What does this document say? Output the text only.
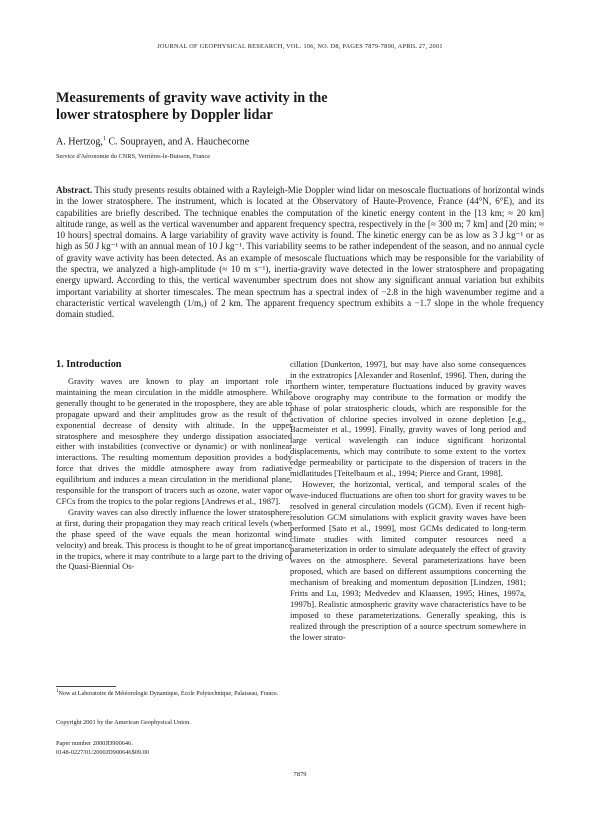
JOURNAL OF GEOPHYSICAL RESEARCH, VOL. 106, NO. D8, PAGES 7879-7890, APRIL 27, 2001
Measurements of gravity wave activity in the
lower stratosphere by Doppler lidar
A. Hertzog,$^1$ C. Souprayen, and A. Hauchecorne
Service d'Aéronomie du CNRS, Verrières-le-Buisson, France
Abstract. This study presents results obtained with a Rayleigh-Mie Doppler wind lidar on mesoscale fluctuations of horizontal winds in the lower stratosphere. The instrument, which is located at the Observatory of Haute-Provence, France (44°N, 6°E), and its capabilities are briefly described. The technique enables the computation of the kinetic energy content in the [13 km; ≈ 20 km] altitude range, as well as the vertical wavenumber and apparent frequency spectra, respectively in the [≈ 300 m; 7 km] and [20 min; ≈ 10 hours] spectral domains. A large variability of gravity wave activity is found. The kinetic energy can be as low as 3 J kg⁻¹ or as high as 50 J kg⁻¹ with an annual mean of 10 J kg⁻¹. This variability seems to be rather independent of the season, and no annual cycle of gravity wave activity has been detected. As an example of mesoscale fluctuations which may be responsible for the variability of the spectra, we analyzed a high-amplitude (≈ 10 m s⁻¹), inertia-gravity wave detected in the lower stratosphere and propagating energy upward. According to this, the vertical wavenumber spectrum does not show any significant annual variation but exhibits important variability at shorter timescales. The mean spectrum has a spectral index of −2.8 in the high wavenumber regime and a characteristic vertical wavelength (1/mₓ) of 2 km. The apparent frequency spectrum exhibits a −1.7 slope in the whole frequency domain studied.
1. Introduction

Gravity waves are known to play an important role in maintaining the mean circulation in the middle atmosphere. While generally thought to be generated in the troposphere, they are able to propagate upward and their amplitudes grow as the result of the exponential decrease of density with altitude. In the upper stratosphere and mesosphere they undergo dissipation associated either with instabilities (convective or dynamic) or with nonlinear interactions. The resulting momentum deposition provides a body force that drives the middle atmosphere away from radiative equilibrium and induces a mean circulation in the meridional plane, responsible for the transport of tracers such as ozone, water vapor or CFCs from the tropics to the polar regions [Andrews et al., 1987].

Gravity waves can also directly influence the lower stratosphere: at first, during their propagation they may reach critical levels (when the phase speed of the wave equals the mean horizontal wind velocity) and break. This process is thought to be of great importance in the tropics, where it may contribute to a large part to the driving of the Quasi-Biennial Os-

cillation [Dunkerton, 1997], but may have also some consequences in the extratropics [Alexander and Rosenlof, 1996]. Then, during the northern winter, temperature fluctuations induced by gravity waves above orography may contribute to the formation or modify the phase of polar stratospheric clouds, which are responsible for the activation of chlorine species involved in ozone depletion [e.g., Bacmeister et al., 1999]. Finally, gravity waves of long period and large vertical wavelength can induce significant horizontal displacements, which may contribute to some extent to the vortex edge permeability or participate to the dispersion of tracers in the midlatitudes [Teitelbaum et al., 1994; Pierce and Grant, 1998].

However, the horizontal, vertical, and temporal scales of the wave-induced fluctuations are often too short for gravity waves to be resolved in general circulation models (GCM). Even if recent high-resolution GCM simulations with explicit gravity waves have been performed [Sato et al., 1999], most GCMs dedicated to long-term climate studies with limited computer resources need a parameterization in order to simulate adequately the effect of gravity waves on the atmosphere. Several parameterizations have been proposed, which are based on different assumptions concerning the mechanism of breaking and momentum deposition [Lindzen, 1981; Fritts and Lu, 1993; Medvedev and Klaassen, 1995; Hines, 1997a, 1997b]. Realistic atmospheric gravity wave characteristics have to be imposed to these parameterizations. Generally speaking, this is realized through the prescription of a source spectrum somewhere in the lower strato-

$^1$Now at Laboratoire de Météorologie Dynamique, École Polytechnique, Palaiseau, France.
Copyright 2001 by the American Geophysical Union.
Paper number 2000JD900646.
0148-0227/01/2000JD900646$09.00
7879
